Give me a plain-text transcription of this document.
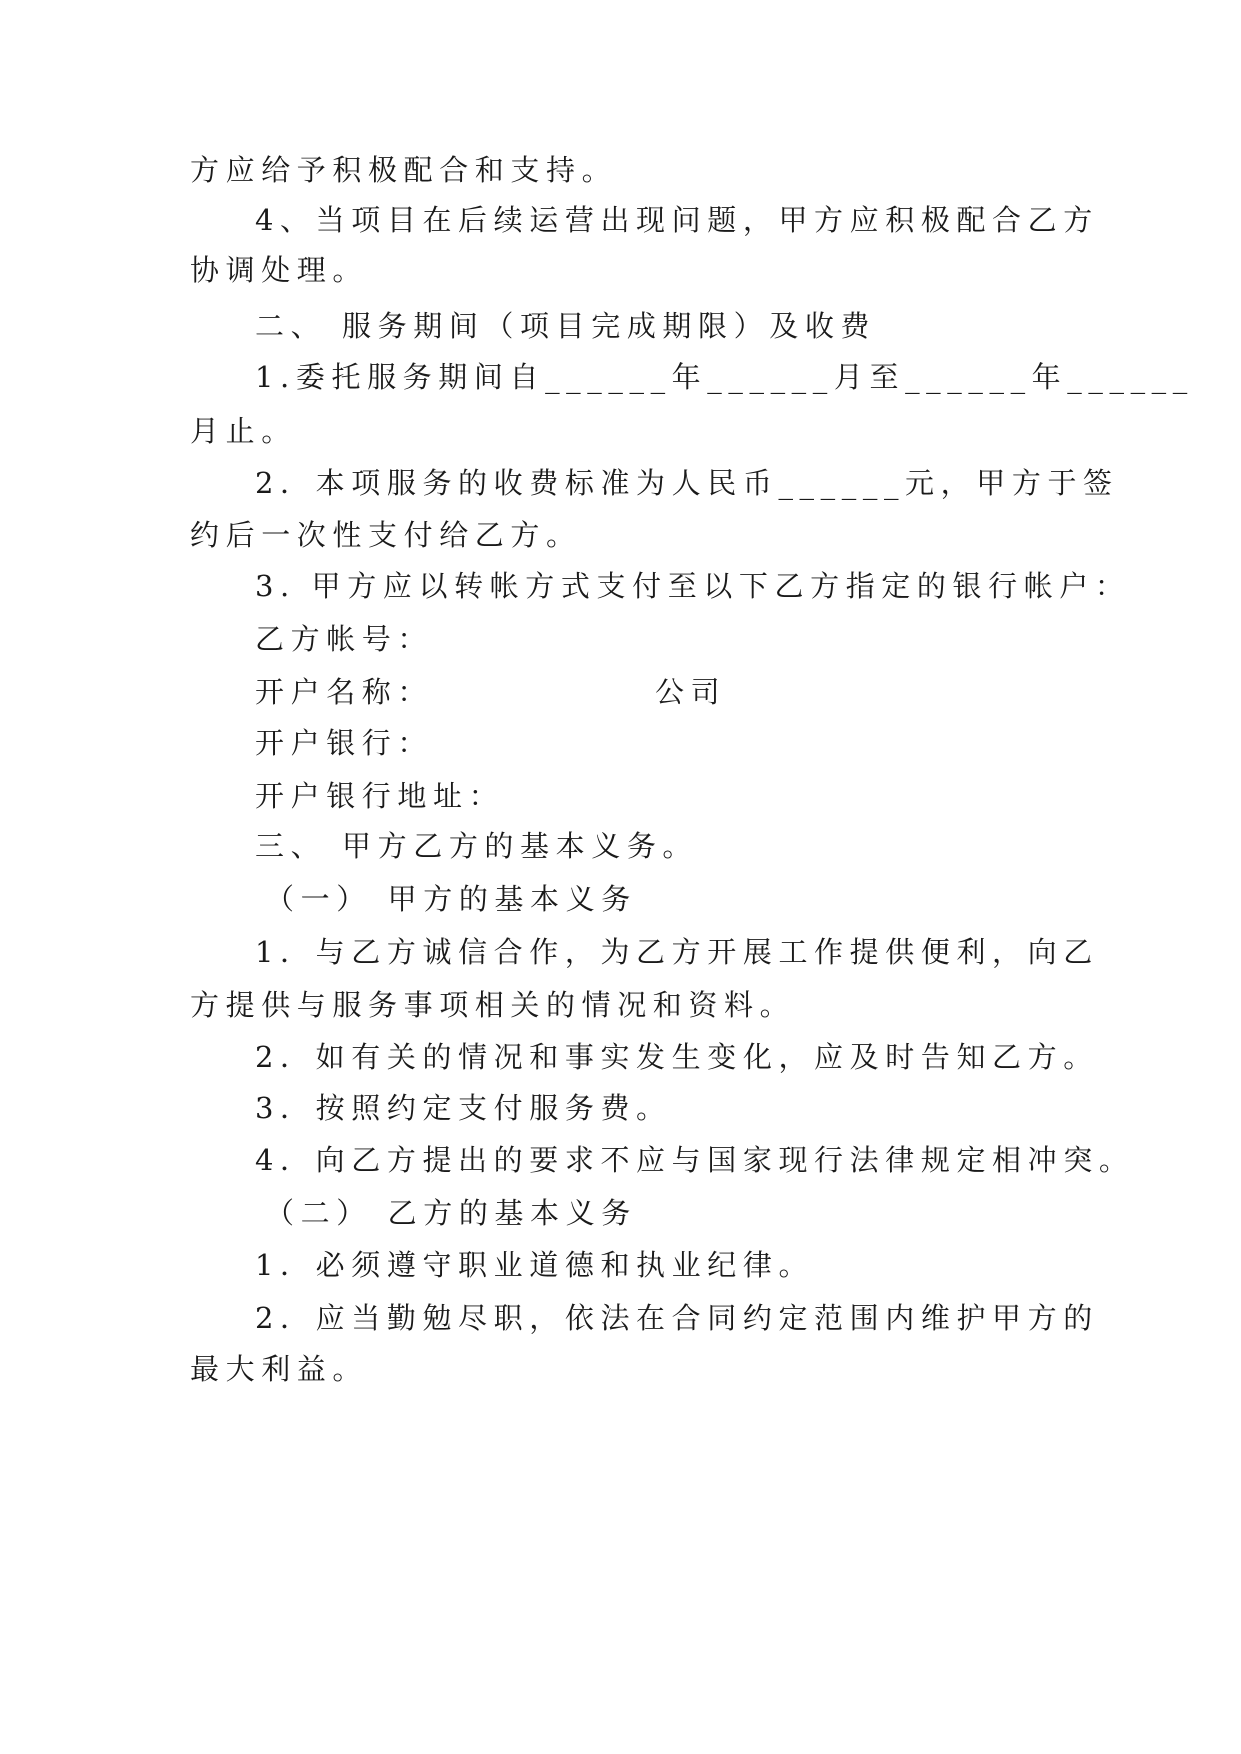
方应给予积极配合和支持。
4、当项目在后续运营出现问题，甲方应积极配合乙方
协调处理。
二、 服务期间（项目完成期限）及收费
1.委托服务期间自______年______月至______年______
月止。
2．本项服务的收费标准为人民币______元，甲方于签
约后一次性支付给乙方。
3. 甲方应以转帐方式支付至以下乙方指定的银行帐户：
乙方帐号：
开户名称：	公司
开户银行：
开户银行地址：
三、 甲方乙方的基本义务。
（一） 甲方的基本义务
1．与乙方诚信合作，为乙方开展工作提供便利，向乙
方提供与服务事项相关的情况和资料。
2．如有关的情况和事实发生变化，应及时告知乙方。
3．按照约定支付服务费。
4．向乙方提出的要求不应与国家现行法律规定相冲突。
（二） 乙方的基本义务
1．必须遵守职业道德和执业纪律。
2．应当勤勉尽职，依法在合同约定范围内维护甲方的
最大利益。
